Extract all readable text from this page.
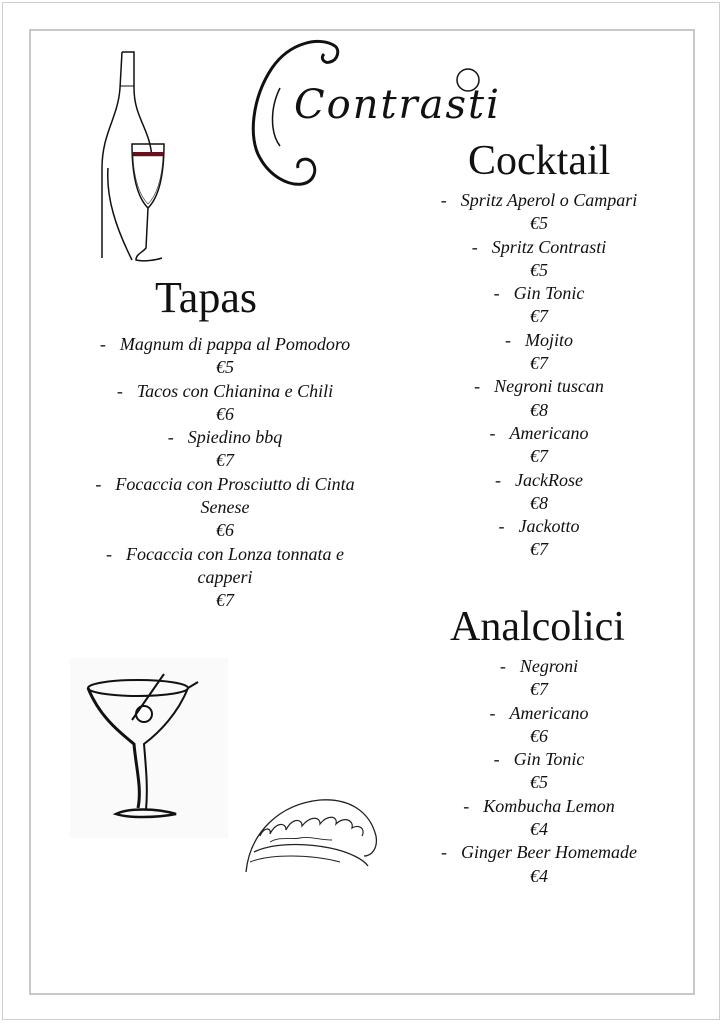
Contrasti
Tapas
- Magnum di pappa al Pomodoro
€5
- Tacos con Chianina e Chili
€6
- Spiedino bbq
€7
- Focaccia con Prosciutto di Cinta Senese
€6
- Focaccia con Lonza tonnata e capperi
€7
Cocktail
- Spritz Aperol o Campari
€5
- Spritz Contrasti
€5
- Gin Tonic
€7
- Mojito
€7
- Negroni tuscan
€8
- Americano
€7
- JackRose
€8
- Jackotto
€7
Analcolici
- Negroni
€7
- Americano
€6
- Gin Tonic
€5
- Kombucha Lemon
€4
- Ginger Beer Homemade
€4
